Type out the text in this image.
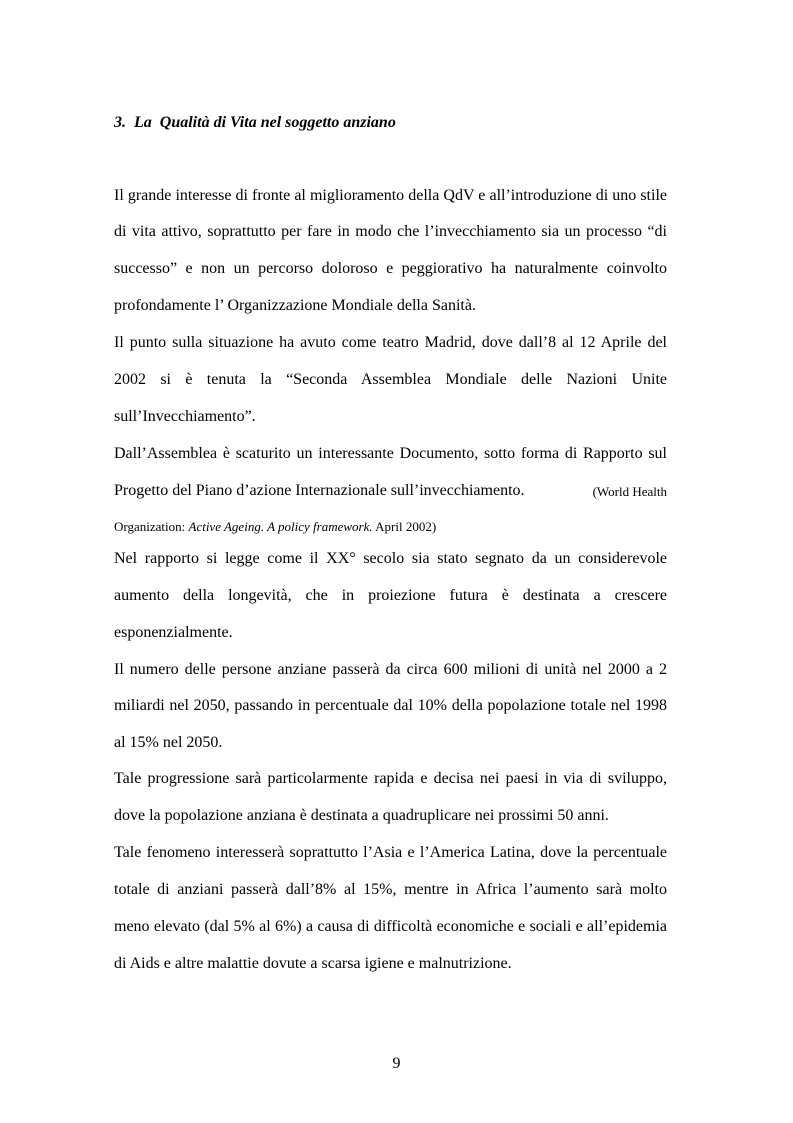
3.  La  Qualità di Vita nel soggetto anziano
Il grande interesse di fronte al miglioramento della QdV e all’introduzione di uno stile
di vita attivo, soprattutto per fare in modo che l’invecchiamento sia un processo “di
successo” e non un percorso doloroso e peggiorativo ha naturalmente coinvolto
profondamente l’ Organizzazione Mondiale della Sanità.
Il punto sulla situazione ha avuto come teatro Madrid, dove dall’8 al 12 Aprile del
2002 si è tenuta la “Seconda Assemblea Mondiale delle Nazioni Unite
sull’Invecchiamento”.
Dall’Assemblea è scaturito un interessante Documento, sotto forma di Rapporto sul
Progetto del Piano d’azione Internazionale sull’invecchiamento.	(World Health
Organization: Active Ageing. A policy framework. April 2002)
Nel rapporto si legge come il XX° secolo sia stato segnato da un considerevole
aumento della longevità, che in proiezione futura è destinata a crescere
esponenzialmente.
Il numero delle persone anziane passerà da circa 600 milioni di unità nel 2000 a 2
miliardi nel 2050, passando in percentuale dal 10% della popolazione totale nel 1998
al 15% nel 2050.
Tale progressione sarà particolarmente rapida e decisa nei paesi in via di sviluppo,
dove la popolazione anziana è destinata a quadruplicare nei prossimi 50 anni.
Tale fenomeno interesserà soprattutto l’Asia e l’America Latina, dove la percentuale
totale di anziani passerà dall’8% al 15%, mentre in Africa l’aumento sarà molto
meno elevato (dal 5% al 6%) a causa di difficoltà economiche e sociali e all’epidemia
di Aids e altre malattie dovute a scarsa igiene e malnutrizione.
9
